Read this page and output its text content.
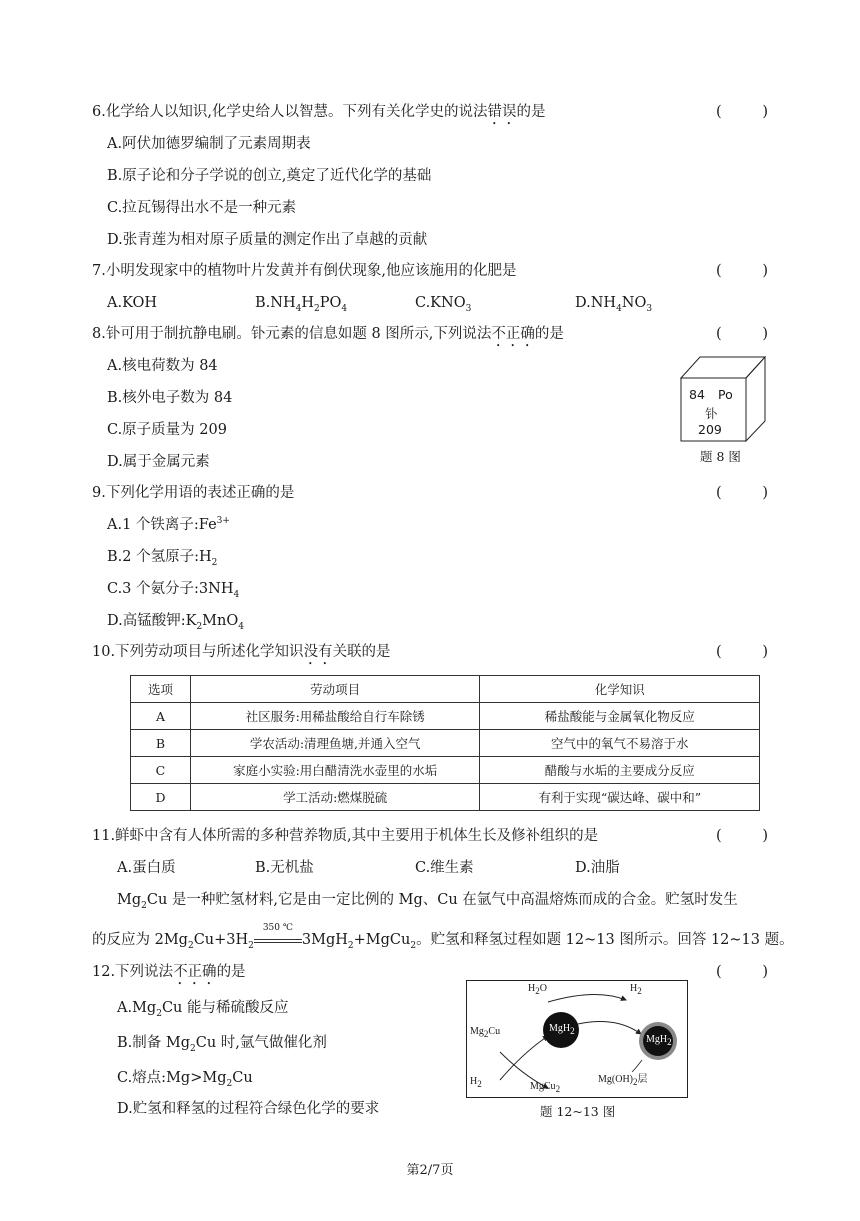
6.化学给人以知识,化学史给人以智慧。下列有关化学史的说法错误的是	(	)
A.阿伏加德罗编制了元素周期表
B.原子论和分子学说的创立,奠定了近代化学的基础
C.拉瓦锡得出水不是一种元素
D.张青莲为相对原子质量的测定作出了卓越的贡献
7.小明发现家中的植物叶片发黄并有倒伏现象,他应该施用的化肥是	(	)
A.KOH	$B.NH_4H_2PO_4$	$C.KNO_3$	$D.NH_4NO_3$
8.钋可用于制抗静电刷。钋元素的信息如题 8 图所示,下列说法不正确的是	(	)
A.核电荷数为 84
B.核外电子数为 84
C.原子质量为 209
D.属于金属元素
84 Po
钋
209
题 8 图
9.下列化学用语的表述正确的是	(	)
A.1 个铁离子$:Fe^{3+}$
B.2 个氢原子$:H_2$
C.3 个氨分子$:3NH_4$
D.高锰酸钾$:K_2MnO_4$
10.下列劳动项目与所述化学知识没有关联的是	(	)
选项	劳动项目	化学知识
A	社区服务:用稀盐酸给自行车除锈	稀盐酸能与金属氧化物反应
B	学农活动:清理鱼塘,并通入空气	空气中的氧气不易溶于水
C	家庭小实验:用白醋清洗水壶里的水垢	醋酸与水垢的主要成分反应
D	学工活动:燃煤脱硫	有利于实现“碳达峰、碳中和”
11.鲜虾中含有人体所需的多种营养物质,其中主要用于机体生长及修补组织的是	(	)
A.蛋白质	B.无机盐	C.维生素	D.油脂
$Mg_2Cu$ 是一种贮氢材料,它是由一定比例的 Mg、Cu 在氩气中高温熔炼而成的合金。贮氢时发生
的反应为 $2Mg_2Cu+3H_2$
350 ℃
3MgH$_2$+MgCu$_2$。贮氢和释氢过程如题 12~13 图所示。回答 12~13 题。
12.下列说法不正确的是	(	)
$A.Mg_2Cu$ 能与稀硫酸反应
B.制备 $Mg_2Cu$ 时,氩气做催化剂
C.熔点$:Mg>Mg_2Cu$
D.贮氢和释氢的过程符合绿色化学的要求
$H_2O$	$H_2$
$Mg_2Cu$	MgH$_2$
MgH$_2$
$H_2$	MgCu$_2$
$Mg(OH)_2$层
题 12~13 图
第2/7页
